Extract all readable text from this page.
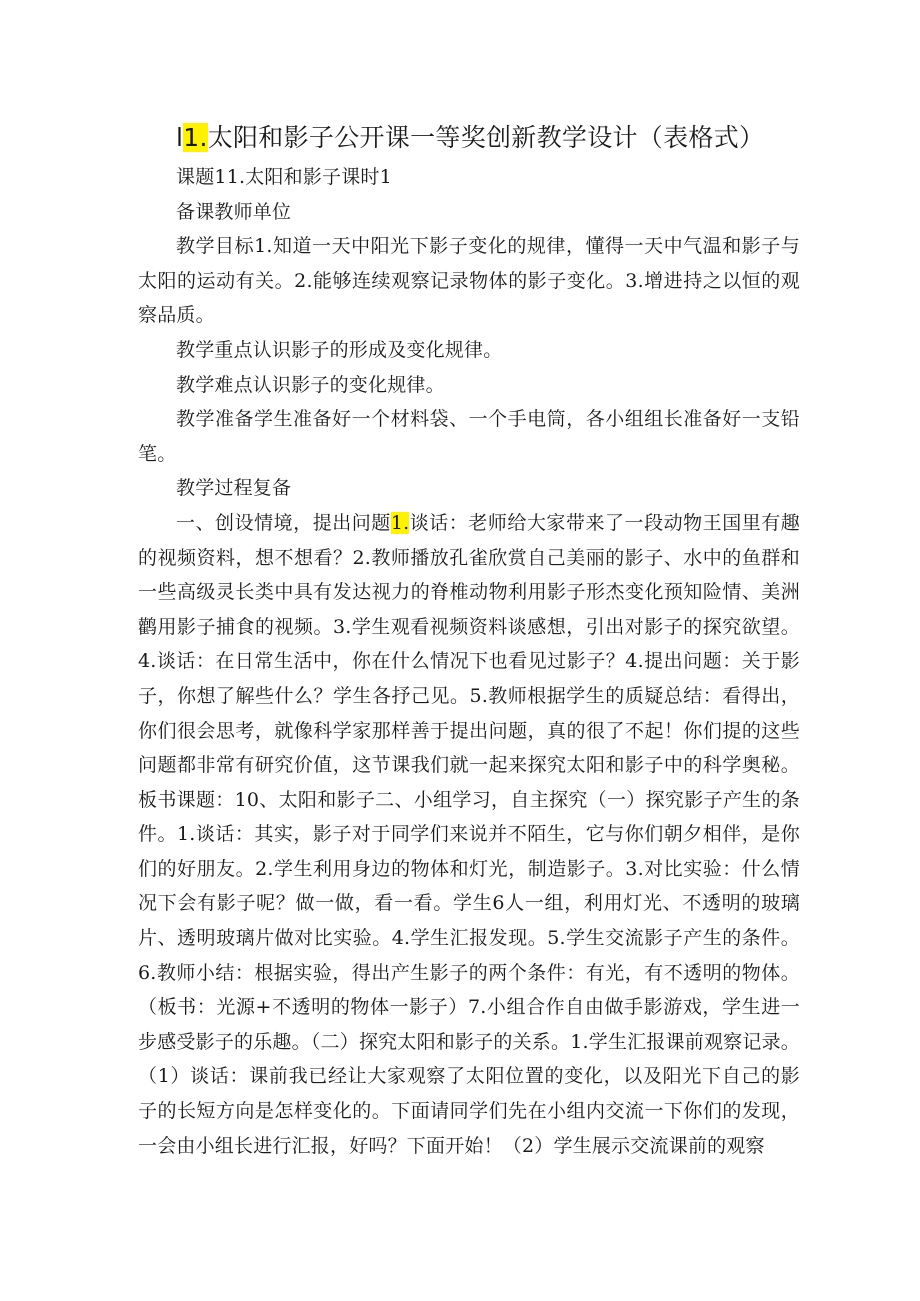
l1.太阳和影子公开课一等奖创新教学设计（表格式）

课题11.太阳和影子课时1

备课教师单位

教学目标1.知道一天中阳光下影子变化的规律，懂得一天中气温和影子与太阳的运动有关。2.能够连续观察记录物体的影子变化。3.增进持之以恒的观察品质。

教学重点认识影子的形成及变化规律。

教学难点认识影子的变化规律。

教学准备学生准备好一个材料袋、一个手电筒，各小组组长准备好一支铅笔。

教学过程复备

一、创设情境，提出问题1.谈话：老师给大家带来了一段动物王国里有趣的视频资料，想不想看？2.教师播放孔雀欣赏自己美丽的影子、水中的鱼群和一些高级灵长类中具有发达视力的脊椎动物利用影子形杰变化预知险情、美洲鹳用影子捕食的视频。3.学生观看视频资料谈感想，引出对影子的探究欲望。4.谈话：在日常生活中，你在什么情况下也看见过影子？4.提出问题：关于影子，你想了解些什么？学生各抒己见。5.教师根据学生的质疑总结：看得出，你们很会思考，就像科学家那样善于提出问题，真的很了不起！你们提的这些问题都非常有研究价值，这节课我们就一起来探究太阳和影子中的科学奥秘。板书课题：10、太阳和影子二、小组学习，自主探究（一）探究影子产生的条件。1.谈话：其实，影子对于同学们来说并不陌生，它与你们朝夕相伴，是你们的好朋友。2.学生利用身边的物体和灯光，制造影子。3.对比实验：什么情况下会有影子呢？做一做，看一看。学生6人一组，利用灯光、不透明的玻璃片、透明玻璃片做对比实验。4.学生汇报发现。5.学生交流影子产生的条件。6.教师小结：根据实验，得出产生影子的两个条件：有光，有不透明的物体。（板书：光源+不透明的物体一影子）7.小组合作自由做手影游戏，学生进一步感受影子的乐趣。（二）探究太阳和影子的关系。1.学生汇报课前观察记录。（1）谈话：课前我已经让大家观察了太阳位置的变化，以及阳光下自己的影子的长短方向是怎样变化的。下面请同学们先在小组内交流一下你们的发现，一会由小组长进行汇报，好吗？下面开始！（2）学生展示交流课前的观察
